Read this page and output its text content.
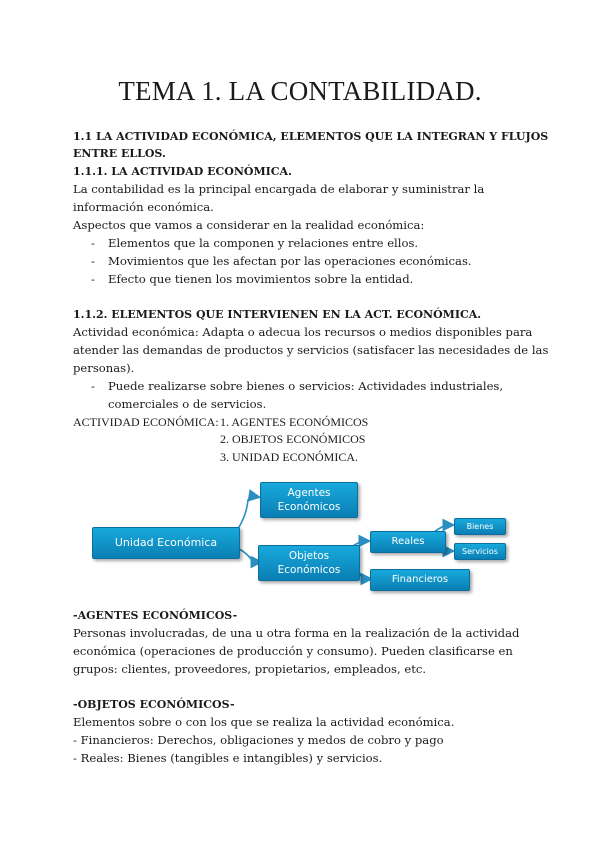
TEMA 1. LA CONTABILIDAD.
1.1 LA ACTIVIDAD ECONÓMICA, ELEMENTOS QUE LA INTEGRAN Y FLUJOS
ENTRE ELLOS.
1.1.1. LA ACTIVIDAD ECONÓMICA.
La contabilidad es la principal encargada de elaborar y suministrar la
información económica.
Aspectos que vamos a considerar en la realidad económica:
- Elementos que la componen y relaciones entre ellos.
- Movimientos que les afectan por las operaciones económicas.
- Efecto que tienen los movimientos sobre la entidad.
1.1.2. ELEMENTOS QUE INTERVIENEN EN LA ACT. ECONÓMICA.
Actividad económica: Adapta o adecua los recursos o medios disponibles para
atender las demandas de productos y servicios (satisfacer las necesidades de las
personas).
- Puede realizarse sobre bienes o servicios: Actividades industriales,
comerciales o de servicios.
ACTIVIDAD ECONÓMICA: 1. AGENTES ECONÓMICOS
2. OBJETOS ECONÓMICOS
3. UNIDAD ECONÓMICA.
Unidad Económica
Agentes
Económicos
Objetos
Económicos
Reales
Financieros
Bienes
Servicios
-AGENTES ECONÓMICOS-
Personas involucradas, de una u otra forma en la realización de la actividad
económica (operaciones de producción y consumo). Pueden clasificarse en
grupos: clientes, proveedores, propietarios, empleados, etc.
-OBJETOS ECONÓMICOS-
Elementos sobre o con los que se realiza la actividad económica.
- Financieros: Derechos, obligaciones y medos de cobro y pago
- Reales: Bienes (tangibles e intangibles) y servicios.
